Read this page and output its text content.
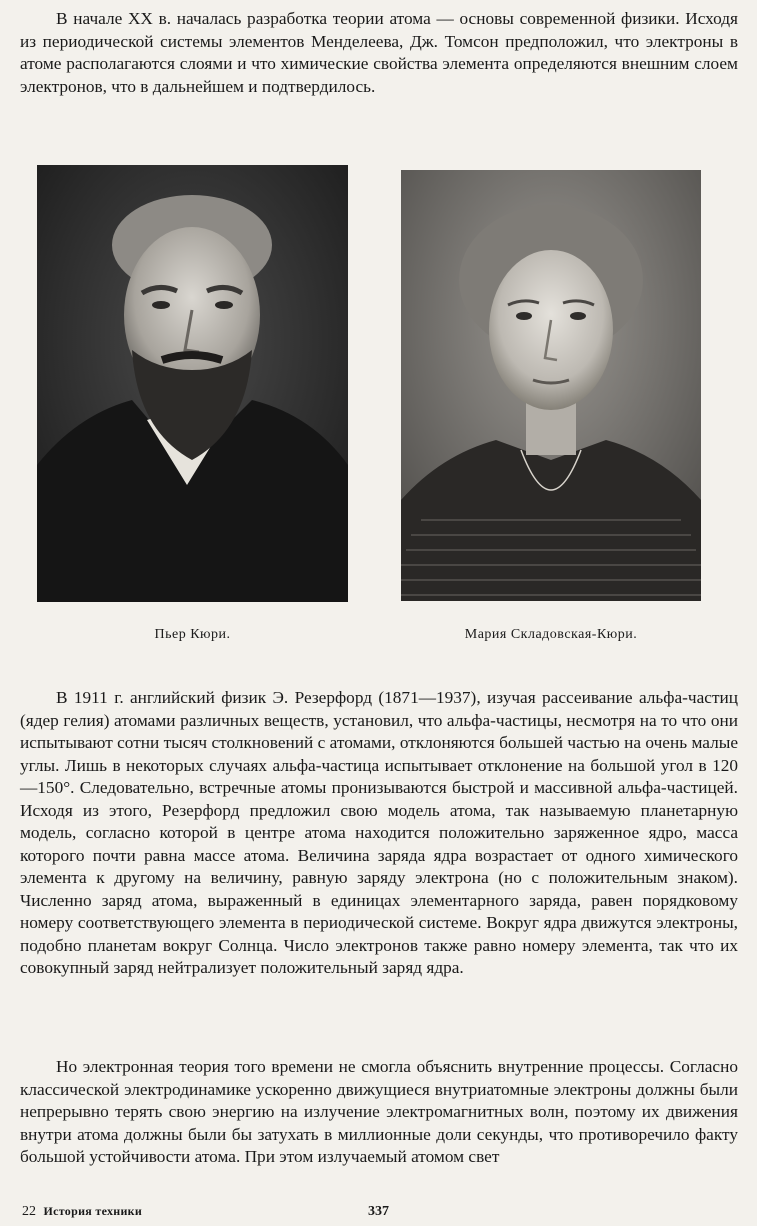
В начале XX в. началась разработка теории атома — основы современной физики. Исходя из периодической системы элементов Менделеева, Дж. Томсон предположил, что электроны в атоме располагаются слоями и что химические свойства элемента определяются внешним слоем электронов, что в дальнейшем и подтвердилось.

Пьер Кюри.	Мария Складовская-Кюри.

В 1911 г. английский физик Э. Резерфорд (1871—1937), изучая рассеивание альфа-частиц (ядер гелия) атомами различных веществ, установил, что альфа-частицы, несмотря на то что они испытывают сотни тысяч столкновений с атомами, отклоняются большей частью на очень малые углы. Лишь в некоторых случаях альфа-частица испытывает отклонение на большой угол в 120—150°. Следовательно, встречные атомы пронизываются быстрой и массивной альфа-частицей. Исходя из этого, Резерфорд предложил свою модель атома, так называемую планетарную модель, согласно которой в центре атома находится положительно заряженное ядро, масса которого почти равна массе атома. Величина заряда ядра возрастает от одного химического элемента к другому на величину, равную заряду электрона (но с положительным знаком). Численно заряд атома, выраженный в единицах элементарного заряда, равен порядковому номеру соответствующего элемента в периодической системе. Вокруг ядра движутся электроны, подобно планетам вокруг Солнца. Число электронов также равно номеру элемента, так что их совокупный заряд нейтрализует положительный заряд ядра.

Но электронная теория того времени не смогла объяснить внутренние процессы. Согласно классической электродинамике ускоренно движущиеся внутриатомные электроны должны были непрерывно терять свою энергию на излучение электромагнитных волн, поэтому их движения внутри атома должны были бы затухать в миллионные доли секунды, что противоречило факту большой устойчивости атома. При этом излучаемый атомом свет

22 История техники	337
